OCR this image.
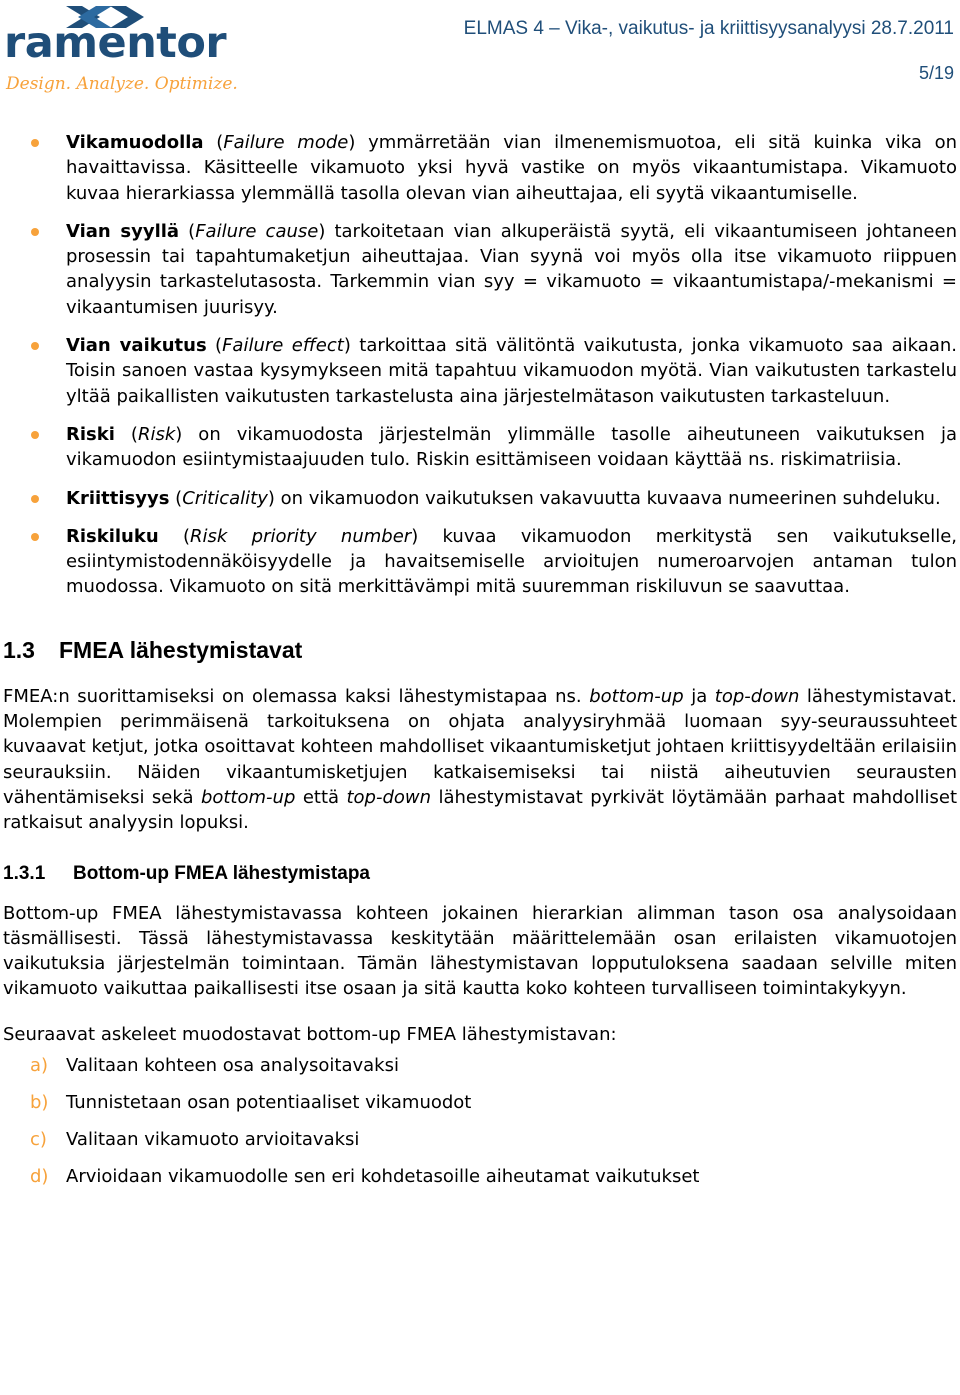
ramentor
Design. Analyze. Optimize.
ELMAS 4 – Vika-, vaikutus- ja kriittisyysanalyysi 28.7.2011
5/19
Vikamuodolla (Failure mode) ymmärretään vian ilmenemismuotoa, eli sitä kuinka vika on havaittavissa. Käsitteelle vikamuoto yksi hyvä vastike on myös vikaantumistapa. Vikamuoto kuvaa hierarkiassa ylemmällä tasolla olevan vian aiheuttajaa, eli syytä vikaantumiselle.
Vian syyllä (Failure cause) tarkoitetaan vian alkuperäistä syytä, eli vikaantumiseen johtaneen prosessin tai tapahtumaketjun aiheuttajaa. Vian syynä voi myös olla itse vikamuoto riippuen analyysin tarkastelutasosta. Tarkemmin vian syy = vikamuoto = vikaantumistapa/-mekanismi = vikaantumisen juurisyy.
Vian vaikutus (Failure effect) tarkoittaa sitä välitöntä vaikutusta, jonka vikamuoto saa aikaan. Toisin sanoen vastaa kysymykseen mitä tapahtuu vikamuodon myötä. Vian vaikutusten tarkastelu yltää paikallisten vaikutusten tarkastelusta aina järjestelmätason vaikutusten tarkasteluun.
Riski (Risk) on vikamuodosta järjestelmän ylimmälle tasolle aiheutuneen vaikutuksen ja vikamuodon esiintymistaajuuden tulo. Riskin esittämiseen voidaan käyttää ns. riskimatriisia.
Kriittisyys (Criticality) on vikamuodon vaikutuksen vakavuutta kuvaava numeerinen suhdeluku.
Riskiluku (Risk priority number) kuvaa vikamuodon merkitystä sen vaikutukselle, esiintymistodennäköisyydelle ja havaitsemiselle arvioitujen numeroarvojen antaman tulon muodossa. Vikamuoto on sitä merkittävämpi mitä suuremman riskiluvun se saavuttaa.
1.3 FMEA lähestymistavat

FMEA:n suorittamiseksi on olemassa kaksi lähestymistapaa ns. bottom-up ja top-down lähestymistavat. Molempien perimmäisenä tarkoituksena on ohjata analyysiryhmää luomaan syy-seuraussuhteet kuvaavat ketjut, jotka osoittavat kohteen mahdolliset vikaantumisketjut johtaen kriittisyydeltään erilaisiin seurauksiin. Näiden vikaantumisketjujen katkaisemiseksi tai niistä aiheutuvien seurausten vähentämiseksi sekä bottom-up että top-down lähestymistavat pyrkivät löytämään parhaat mahdolliset ratkaisut analyysin lopuksi.

1.3.1 Bottom-up FMEA lähestymistapa

Bottom-up FMEA lähestymistavassa kohteen jokainen hierarkian alimman tason osa analysoidaan täsmällisesti. Tässä lähestymistavassa keskitytään määrittelemään osan erilaisten vikamuotojen vaikutuksia järjestelmän toimintaan. Tämän lähestymistavan lopputuloksena saadaan selville miten vikamuoto vaikuttaa paikallisesti itse osaan ja sitä kautta koko kohteen turvalliseen toimintakykyyn.

Seuraavat askeleet muodostavat bottom-up FMEA lähestymistavan:

a) Valitaan kohteen osa analysoitavaksi
b) Tunnistetaan osan potentiaaliset vikamuodot
c) Valitaan vikamuoto arvioitavaksi
d) Arvioidaan vikamuodolle sen eri kohdetasoille aiheutamat vaikutukset
